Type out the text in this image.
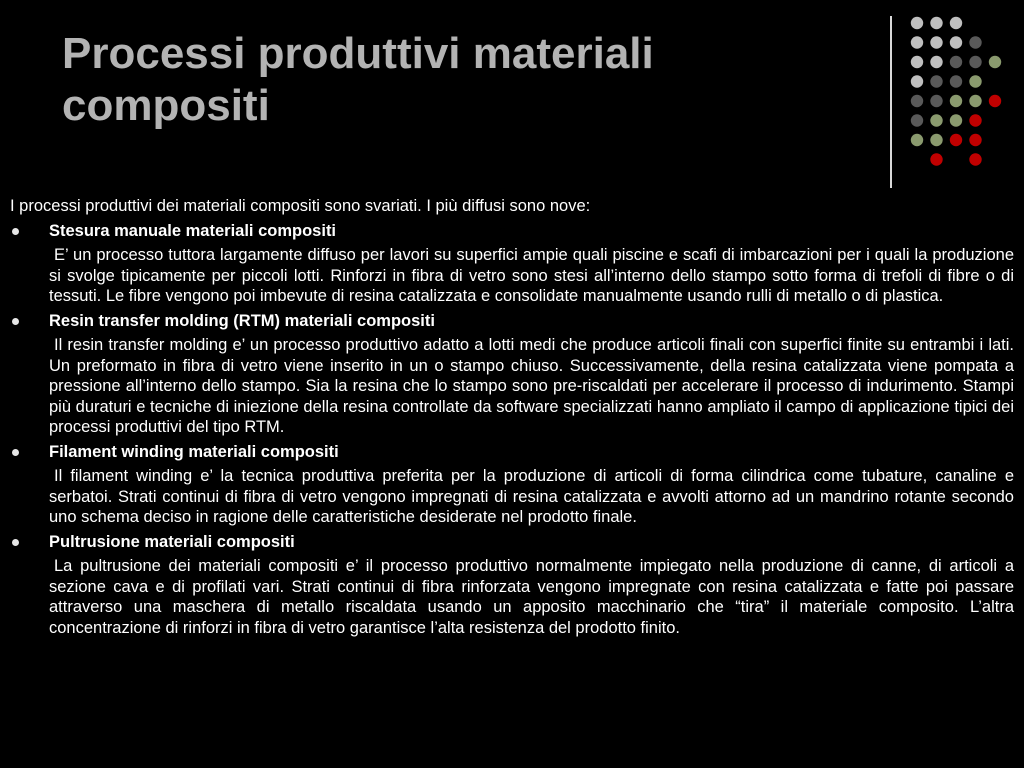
Processi produttivi materiali compositi

I processi produttivi dei materiali compositi sono svariati. I più diffusi sono nove:

Stesura manuale materiali compositi

E’ un processo tuttora largamente diffuso per lavori su superfici ampie quali piscine e scafi di imbarcazioni per i quali la produzione si svolge tipicamente per piccoli lotti. Rinforzi in fibra di vetro sono stesi all’interno dello stampo sotto forma di trefoli di fibre o di tessuti. Le fibre vengono poi imbevute di resina catalizzata e consolidate manualmente usando rulli di metallo o di plastica.

Resin transfer molding (RTM) materiali compositi

Il resin transfer molding e’ un processo produttivo adatto a lotti medi che produce articoli finali con superfici finite su entrambi i lati. Un preformato in fibra di vetro viene inserito in un o stampo chiuso. Successivamente, della resina catalizzata viene pompata a pressione all’interno dello stampo. Sia la resina che lo stampo sono pre-riscaldati per accelerare il processo di indurimento. Stampi più duraturi e tecniche di iniezione della resina controllate da software specializzati hanno ampliato il campo di applicazione tipici dei processi produttivi del tipo RTM.

Filament winding materiali compositi

Il filament winding e’ la tecnica produttiva preferita per la produzione di articoli di forma cilindrica come tubature, canaline e serbatoi. Strati continui di fibra di vetro vengono impregnati di resina catalizzata e avvolti attorno ad un mandrino rotante secondo uno schema deciso in ragione delle caratteristiche desiderate nel prodotto finale.

Pultrusione materiali compositi

La pultrusione dei materiali compositi e’ il processo produttivo normalmente impiegato nella produzione di canne, di articoli a sezione cava e di profilati vari. Strati continui di fibra rinforzata vengono impregnate con resina catalizzata e fatte poi passare attraverso una maschera di metallo riscaldata usando un apposito macchinario che “tira” il materiale composito. L’altra concentrazione di rinforzi in fibra di vetro garantisce l’alta resistenza del prodotto finito.
